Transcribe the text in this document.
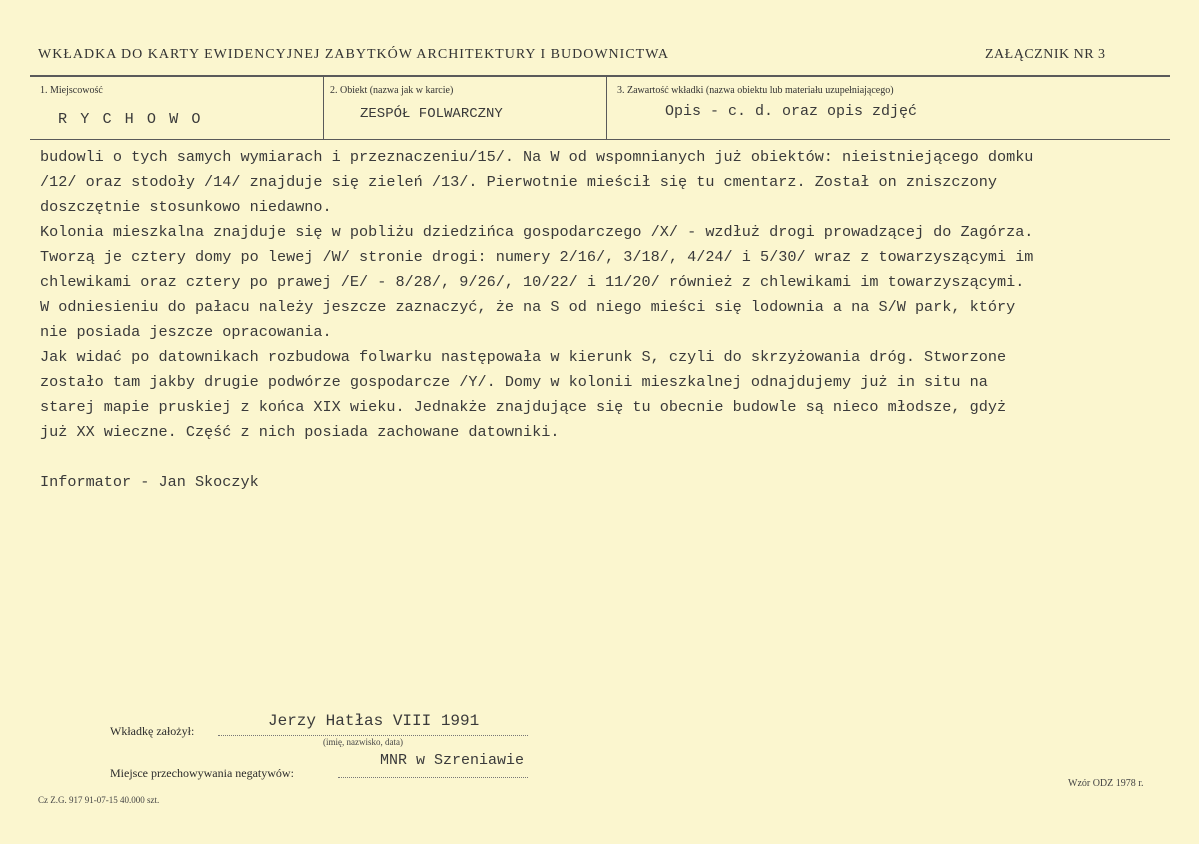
WKŁADKA DO KARTY EWIDENCYJNEJ ZABYTKÓW ARCHITEKTURY I BUDOWNICTWA	ZAŁĄCZNIK NR 3
1. Miejscowość
R Y C H O W O
2. Obiekt (nazwa jak w karcie)
ZESPÓŁ FOLWARCZNY
3. Zawartość wkładki (nazwa obiektu lub materiału uzupełniającego)
Opis - c. d. oraz opis zdjęć
budowli o tych samych wymiarach i przeznaczeniu/15/. Na W od wspomnianych już obiektów: nieistniejącego domku
/12/ oraz stodoły /14/ znajduje się zieleń /13/. Pierwotnie mieścił się tu cmentarz. Został on zniszczony
doszczętnie stosunkowo niedawno.
Kolonia mieszkalna znajduje się w pobliżu dziedzińca gospodarczego /X/ - wzdłuż drogi prowadzącej do Zagórza.
Tworzą je cztery domy po lewej /W/ stronie drogi: numery 2/16/, 3/18/, 4/24/ i 5/30/ wraz z towarzyszącymi im
chlewikami oraz cztery po prawej /E/ - 8/28/, 9/26/, 10/22/ i 11/20/ również z chlewikami im towarzyszącymi.
W odniesieniu do pałacu należy jeszcze zaznaczyć, że na S od niego mieści się lodownia a na S/W park, który
nie posiada jeszcze opracowania.
Jak widać po datownikach rozbudowa folwarku następowała w kierunk S, czyli do skrzyżowania dróg. Stworzone
zostało tam jakby drugie podwórze gospodarcze /Y/. Domy w kolonii mieszkalnej odnajdujemy już in situ na
starej mapie pruskiej z końca XIX wieku. Jednakże znajdujące się tu obecnie budowle są nieco młodsze, gdyż
już XX wieczne. Część z nich posiada zachowane datowniki.
Informator - Jan Skoczyk
Wkładkę założył:
Jerzy Hatłas VIII 1991
(imię, nazwisko, data)
Miejsce przechowywania negatywów:
MNR w Szreniawie
Cz Z.G. 917 91-07-15 40.000 szt.
Wzór ODZ 1978 r.
